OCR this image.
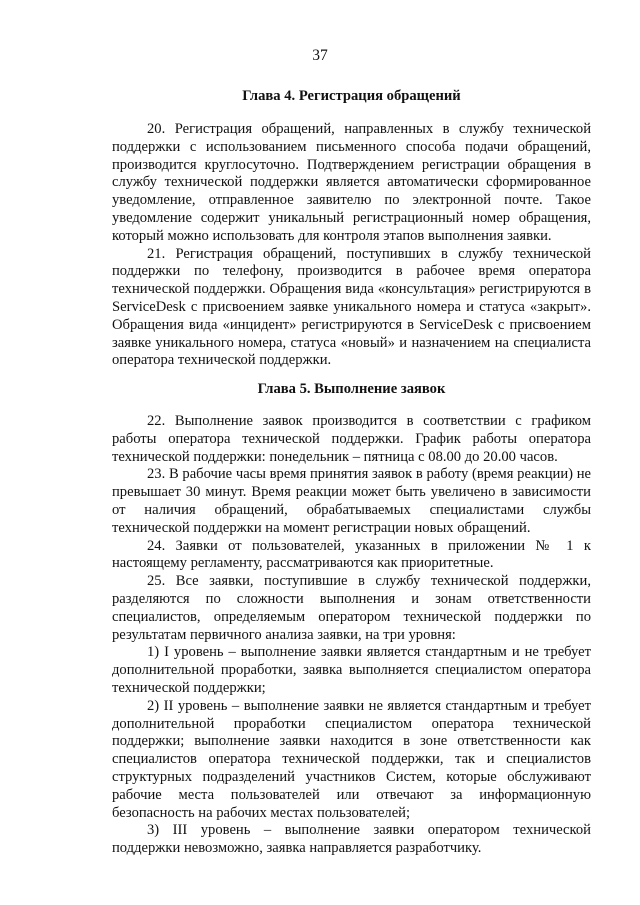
37
Глава 4. Регистрация обращений

20. Регистрация обращений, направленных в службу технической поддержки с использованием письменного способа подачи обращений, производится круглосуточно. Подтверждением регистрации обращения в службу технической поддержки является автоматически сформированное уведомление, отправленное заявителю по электронной почте. Такое уведомление содержит уникальный регистрационный номер обращения, который можно использовать для контроля этапов выполнения заявки.

21. Регистрация обращений, поступивших в службу технической поддержки по телефону, производится в рабочее время оператора технической поддержки. Обращения вида «консультация» регистрируются в ServiceDesk с присвоением заявке уникального номера и статуса «закрыт». Обращения вида «инцидент» регистрируются в ServiceDesk с присвоением заявке уникального номера, статуса «новый» и назначением на специалиста оператора технической поддержки.

Глава 5. Выполнение заявок

22. Выполнение заявок производится в соответствии с графиком работы оператора технической поддержки. График работы оператора технической поддержки: понедельник – пятница с 08.00 до 20.00 часов.

23. В рабочие часы время принятия заявок в работу (время реакции) не превышает 30 минут. Время реакции может быть увеличено в зависимости от наличия обращений, обрабатываемых специалистами службы технической поддержки на момент регистрации новых обращений.

24. Заявки от пользователей, указанных в приложении № 1 к настоящему регламенту, рассматриваются как приоритетные.

25. Все заявки, поступившие в службу технической поддержки, разделяются по сложности выполнения и зонам ответственности специалистов, определяемым оператором технической поддержки по результатам первичного анализа заявки, на три уровня:

1) I уровень – выполнение заявки является стандартным и не требует дополнительной проработки, заявка выполняется специалистом оператора технической поддержки;

2) II уровень – выполнение заявки не является стандартным и требует дополнительной проработки специалистом оператора технической поддержки; выполнение заявки находится в зоне ответственности как специалистов оператора технической поддержки, так и специалистов структурных подразделений участников Систем, которые обслуживают рабочие места пользователей или отвечают за информационную безопасность на рабочих местах пользователей;

3) III уровень – выполнение заявки оператором технической поддержки невозможно, заявка направляется разработчику.
